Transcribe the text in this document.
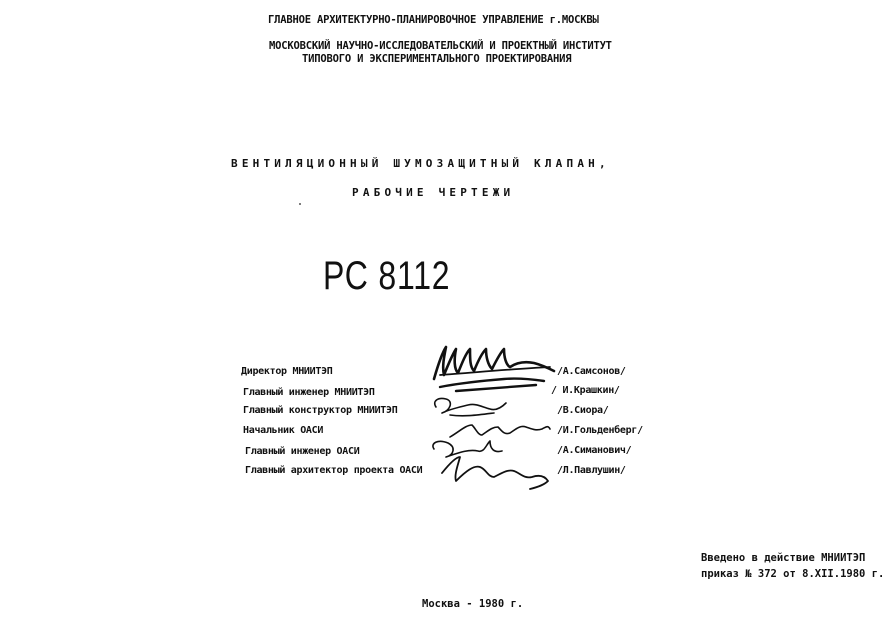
ГЛАВНОЕ АРХИТЕКТУРНО-ПЛАНИРОВОЧНОЕ УПРАВЛЕНИЕ г.МОСКВЫ
МОСКОВСКИЙ НАУЧНО-ИССЛЕДОВАТЕЛЬСКИЙ И ПРОЕКТНЫЙ ИНСТИТУТ
ТИПОВОГО И ЭКСПЕРИМЕНТАЛЬНОГО ПРОЕКТИРОВАНИЯ
ВЕНТИЛЯЦИОННЫЙ ШУМОЗАЩИТНЫЙ КЛАПАН,
РАБОЧИЕ ЧЕРТЕЖИ
РС 8112
Директор МНИИТЭП
Главный инженер МНИИТЭП
Главный конструктор МНИИТЭП
Начальник ОАСИ
Главный инженер ОАСИ
Главный архитектор проекта ОАСИ
/А.Самсонов/
/ И.Крашкин/
/В.Сиора/
/И.Гольденберг/
/А.Симанович/
/Л.Павлушин/
Введено в действие МНИИТЭП
приказ № 372 от 8.XII.1980 г.
Москва - 1980 г.
